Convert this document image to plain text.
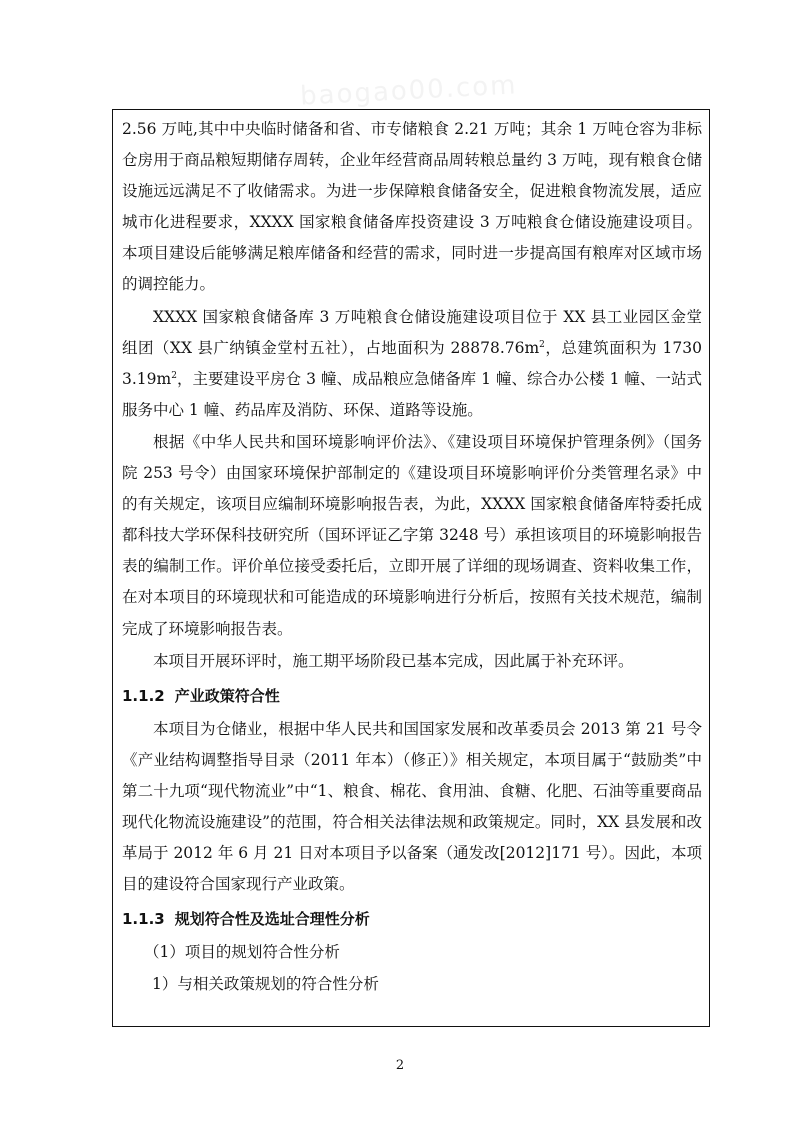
baogao00.com

2.56 万吨,其中中央临时储备和省、市专储粮食 2.21 万吨；其余 1 万吨仓容为非标仓房用于商品粮短期储存周转，企业年经营商品周转粮总量约 3 万吨，现有粮食仓储设施远远满足不了收储需求。为进一步保障粮食储备安全，促进粮食物流发展，适应城市化进程要求，XXXX 国家粮食储备库投资建设 3 万吨粮食仓储设施建设项目。本项目建设后能够满足粮库储备和经营的需求，同时进一步提高国有粮库对区域市场的调控能力。

XXXX 国家粮食储备库 3 万吨粮食仓储设施建设项目位于 XX 县工业园区金堂组团（XX 县广纳镇金堂村五社），占地面积为 $28878.76m^2$，总建筑面积为 $17303.19m^2$，主要建设平房仓 3 幢、成品粮应急储备库 1 幢、综合办公楼 1 幢、一站式服务中心 1 幢、药品库及消防、环保、道路等设施。

根据《中华人民共和国环境影响评价法》、《建设项目环境保护管理条例》（国务院 253 号令）由国家环境保护部制定的《建设项目环境影响评价分类管理名录》中的有关规定，该项目应编制环境影响报告表，为此，XXXX 国家粮食储备库特委托成都科技大学环保科技研究所（国环评证乙字第 3248 号）承担该项目的环境影响报告表的编制工作。评价单位接受委托后，立即开展了详细的现场调查、资料收集工作，在对本项目的环境现状和可能造成的环境影响进行分析后，按照有关技术规范，编制完成了环境影响报告表。

本项目开展环评时，施工期平场阶段已基本完成，因此属于补充环评。

1.1.2 产业政策符合性

本项目为仓储业，根据中华人民共和国国家发展和改革委员会 2013 第 21 号令《产业结构调整指导目录（2011 年本）（修正）》相关规定，本项目属于“鼓励类”中第二十九项“现代物流业”中“1、粮食、棉花、食用油、食糖、化肥、石油等重要商品现代化物流设施建设”的范围，符合相关法律法规和政策规定。同时，XX 县发展和改革局于 2012 年 6 月 21 日对本项目予以备案（通发改[2012]171 号）。因此，本项目的建设符合国家现行产业政策。

1.1.3 规划符合性及选址合理性分析

（1）项目的规划符合性分析

1）与相关政策规划的符合性分析

2
